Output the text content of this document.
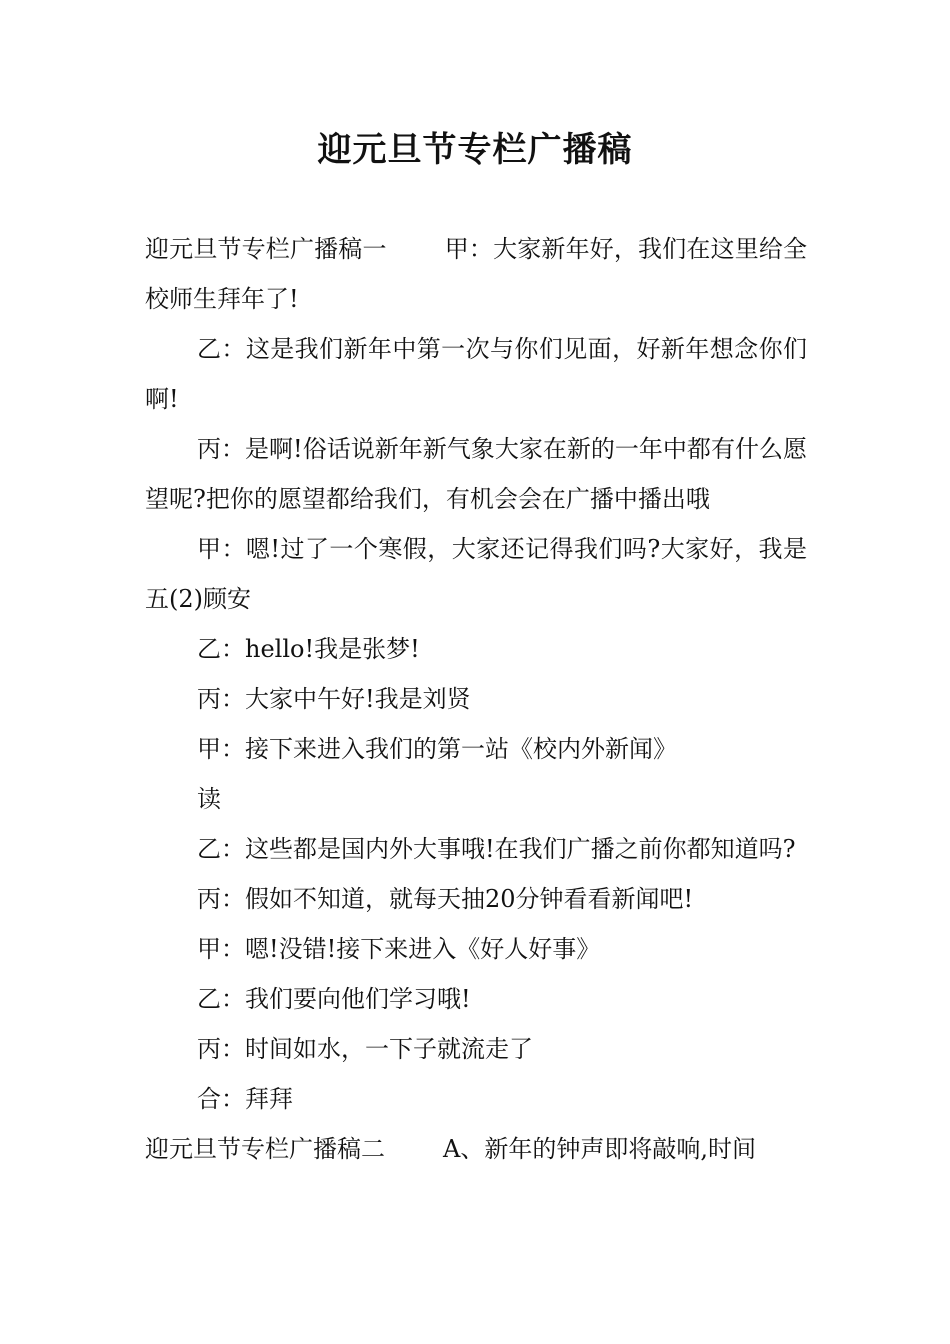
迎元旦节专栏广播稿

迎元旦节专栏广播稿一 甲：大家新年好，我们在这里给全校师生拜年了!

乙：这是我们新年中第一次与你们见面，好新年想念你们啊!

丙：是啊!俗话说新年新气象大家在新的一年中都有什么愿望呢?把你的愿望都给我们，有机会会在广播中播出哦

甲：嗯!过了一个寒假，大家还记得我们吗?大家好，我是五(2)顾安

乙：hello!我是张梦!

丙：大家中午好!我是刘贤

甲：接下来进入我们的第一站《校内外新闻》

读

乙：这些都是国内外大事哦!在我们广播之前你都知道吗?

丙：假如不知道，就每天抽20分钟看看新闻吧!

甲：嗯!没错!接下来进入《好人好事》

乙：我们要向他们学习哦!

丙：时间如水，一下子就流走了

合：拜拜

迎元旦节专栏广播稿二 A、新年的钟声即将敲响,时间
